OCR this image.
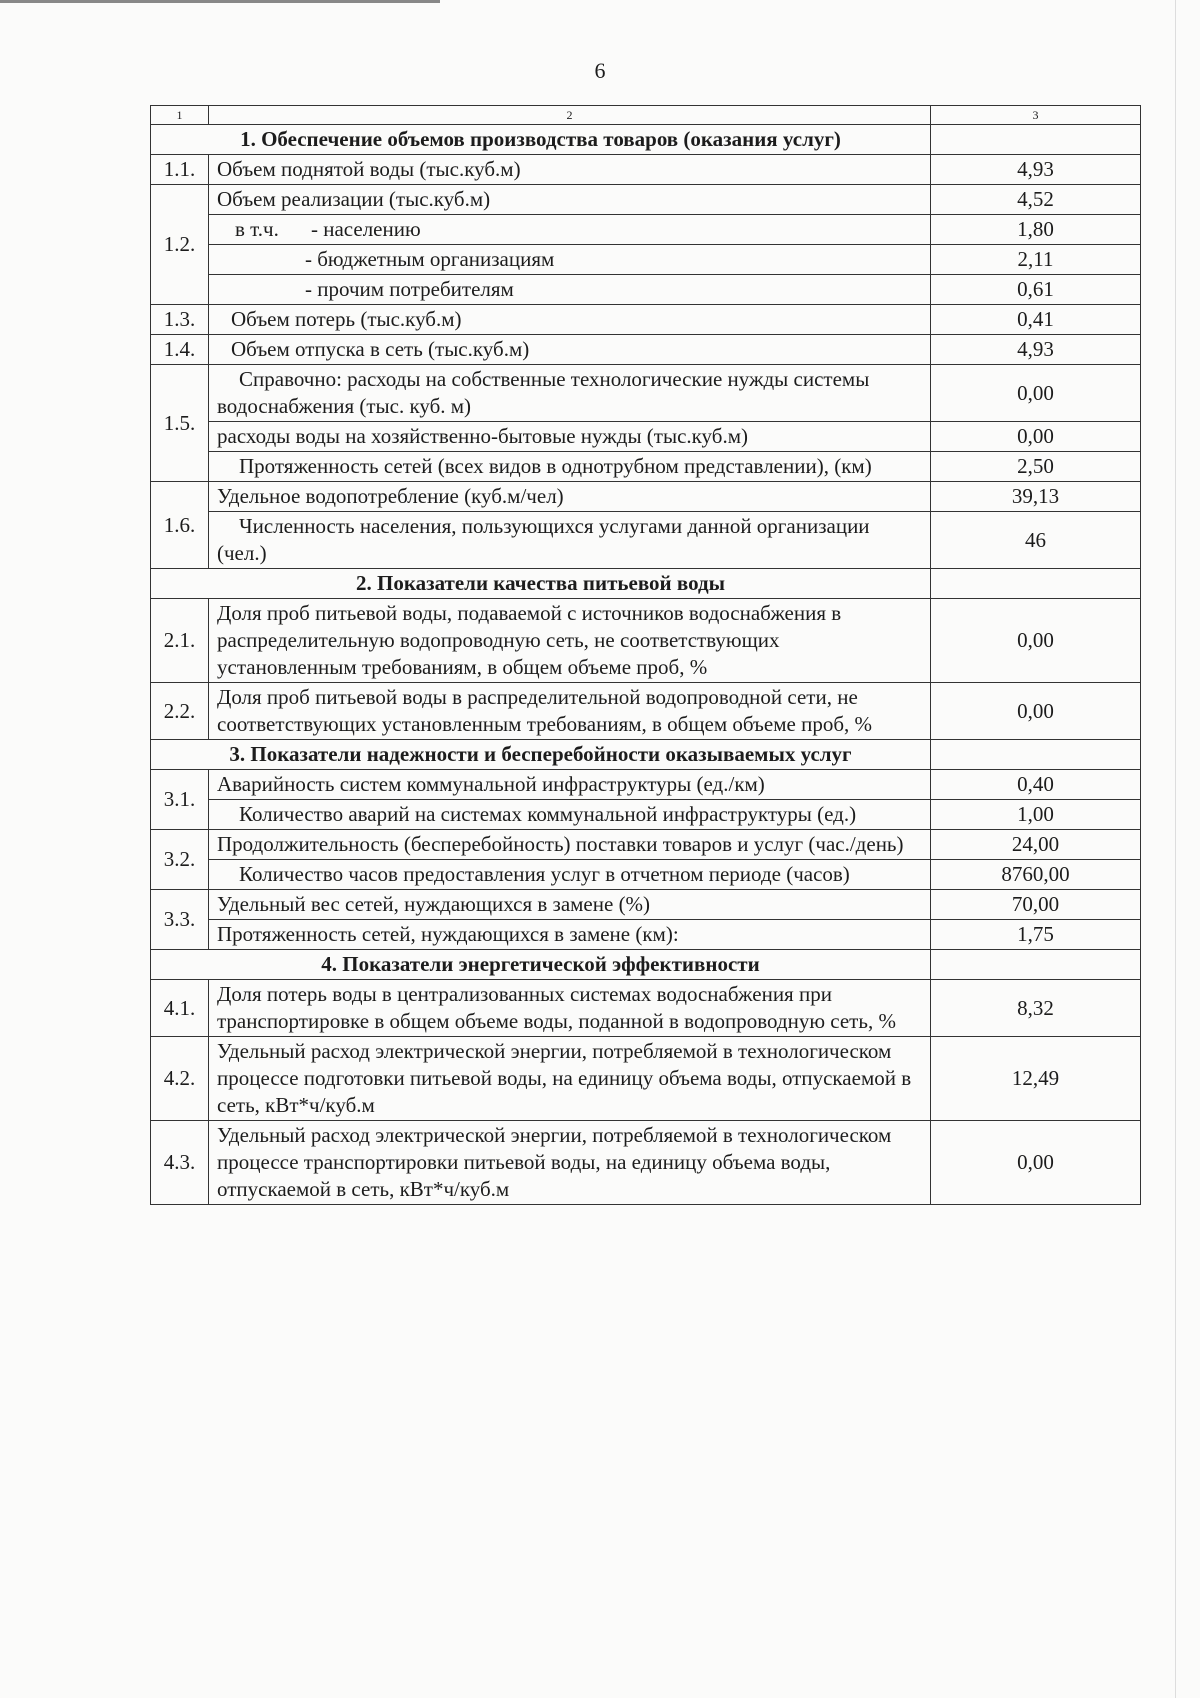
6
1	2	3
1. Обеспечение объемов производства товаров (оказания услуг)		
1.1.	Объем поднятой воды (тыс.куб.м)	4,93
1.2.	Объем реализации (тыс.куб.м)	4,52
	в т.ч. - населению	1,80
	- бюджетным организациям	2,11
	- прочим потребителям	0,61
1.3.	Объем потерь (тыс.куб.м)	0,41
1.4.	Объем отпуска в сеть (тыс.куб.м)	4,93
1.5.	Справочно: расходы на собственные технологические нужды системы водоснабжения (тыс. куб. м)	0,00
	расходы воды на хозяйственно-бытовые нужды (тыс.куб.м)	0,00
	Протяженность сетей (всех видов в однотрубном представлении), (км)	2,50
1.6.	Удельное водопотребление (куб.м/чел)	39,13
	Численность населения, пользующихся услугами данной организации (чел.)	46
2. Показатели качества питьевой воды		
2.1.	Доля проб питьевой воды, подаваемой с источников водоснабжения в распределительную водопроводную сеть, не соответствующих установленным требованиям, в общем объеме проб, %	0,00
2.2.	Доля проб питьевой воды в распределительной водопроводной сети, не соответствующих установленным требованиям, в общем объеме проб, %	0,00
3. Показатели надежности и бесперебойности оказываемых услуг		
3.1.	Аварийность систем коммунальной инфраструктуры (ед./км)	0,40
	Количество аварий на системах коммунальной инфраструктуры (ед.)	1,00
3.2.	Продолжительность (бесперебойность) поставки товаров и услуг (час./день)	24,00
	Количество часов предоставления услуг в отчетном периоде (часов)	8760,00
3.3.	Удельный вес сетей, нуждающихся в замене (%)	70,00
	Протяженность сетей, нуждающихся в замене (км):	1,75
4. Показатели энергетической эффективности		
4.1.	Доля потерь воды в централизованных системах водоснабжения при транспортировке в общем объеме воды, поданной в водопроводную сеть, %	8,32
4.2.	Удельный расход электрической энергии, потребляемой в технологическом процессе подготовки питьевой воды, на единицу объема воды, отпускаемой в сеть, кВт*ч/куб.м	12,49
4.3.	Удельный расход электрической энергии, потребляемой в технологическом процессе транспортировки питьевой воды, на единицу объема воды, отпускаемой в сеть, кВт*ч/куб.м	0,00
